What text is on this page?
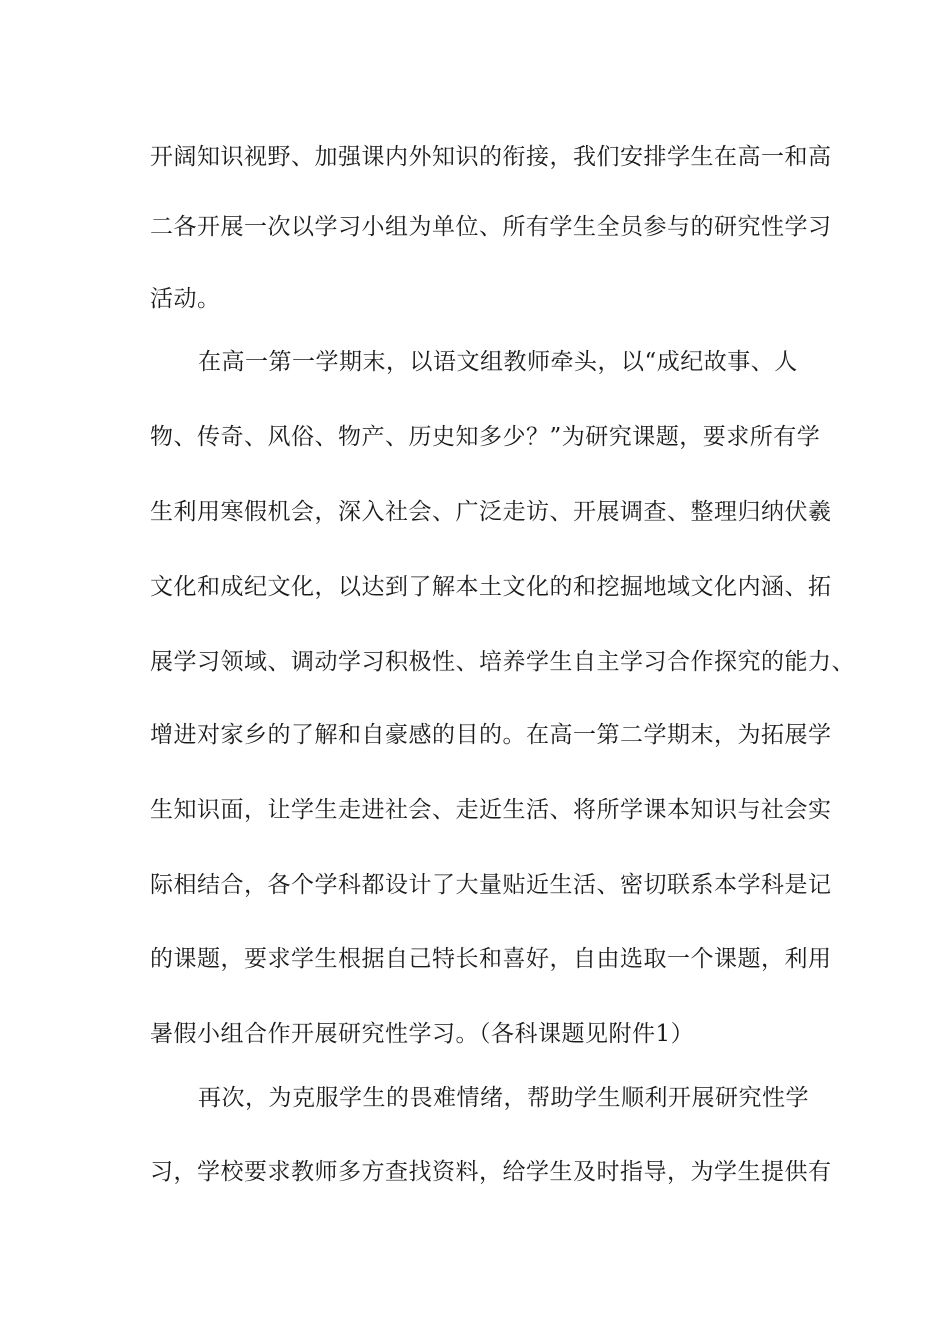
开阔知识视野、加强课内外知识的衔接，我们安排学生在高一和高
二各开展一次以学习小组为单位、所有学生全员参与的研究性学习
活动。
在高一第一学期末，以语文组教师牵头，以“成纪故事、人
物、传奇、风俗、物产、历史知多少？”为研究课题，要求所有学
生利用寒假机会，深入社会、广泛走访、开展调查、整理归纳伏羲
文化和成纪文化，以达到了解本土文化的和挖掘地域文化内涵、拓
展学习领域、调动学习积极性、培养学生自主学习合作探究的能力、
增进对家乡的了解和自豪感的目的。在高一第二学期末，为拓展学
生知识面，让学生走进社会、走近生活、将所学课本知识与社会实
际相结合，各个学科都设计了大量贴近生活、密切联系本学科是记
的课题，要求学生根据自己特长和喜好，自由选取一个课题，利用
暑假小组合作开展研究性学习。（各科课题见附件1）
再次，为克服学生的畏难情绪，帮助学生顺利开展研究性学
习，学校要求教师多方查找资料，给学生及时指导，为学生提供有
